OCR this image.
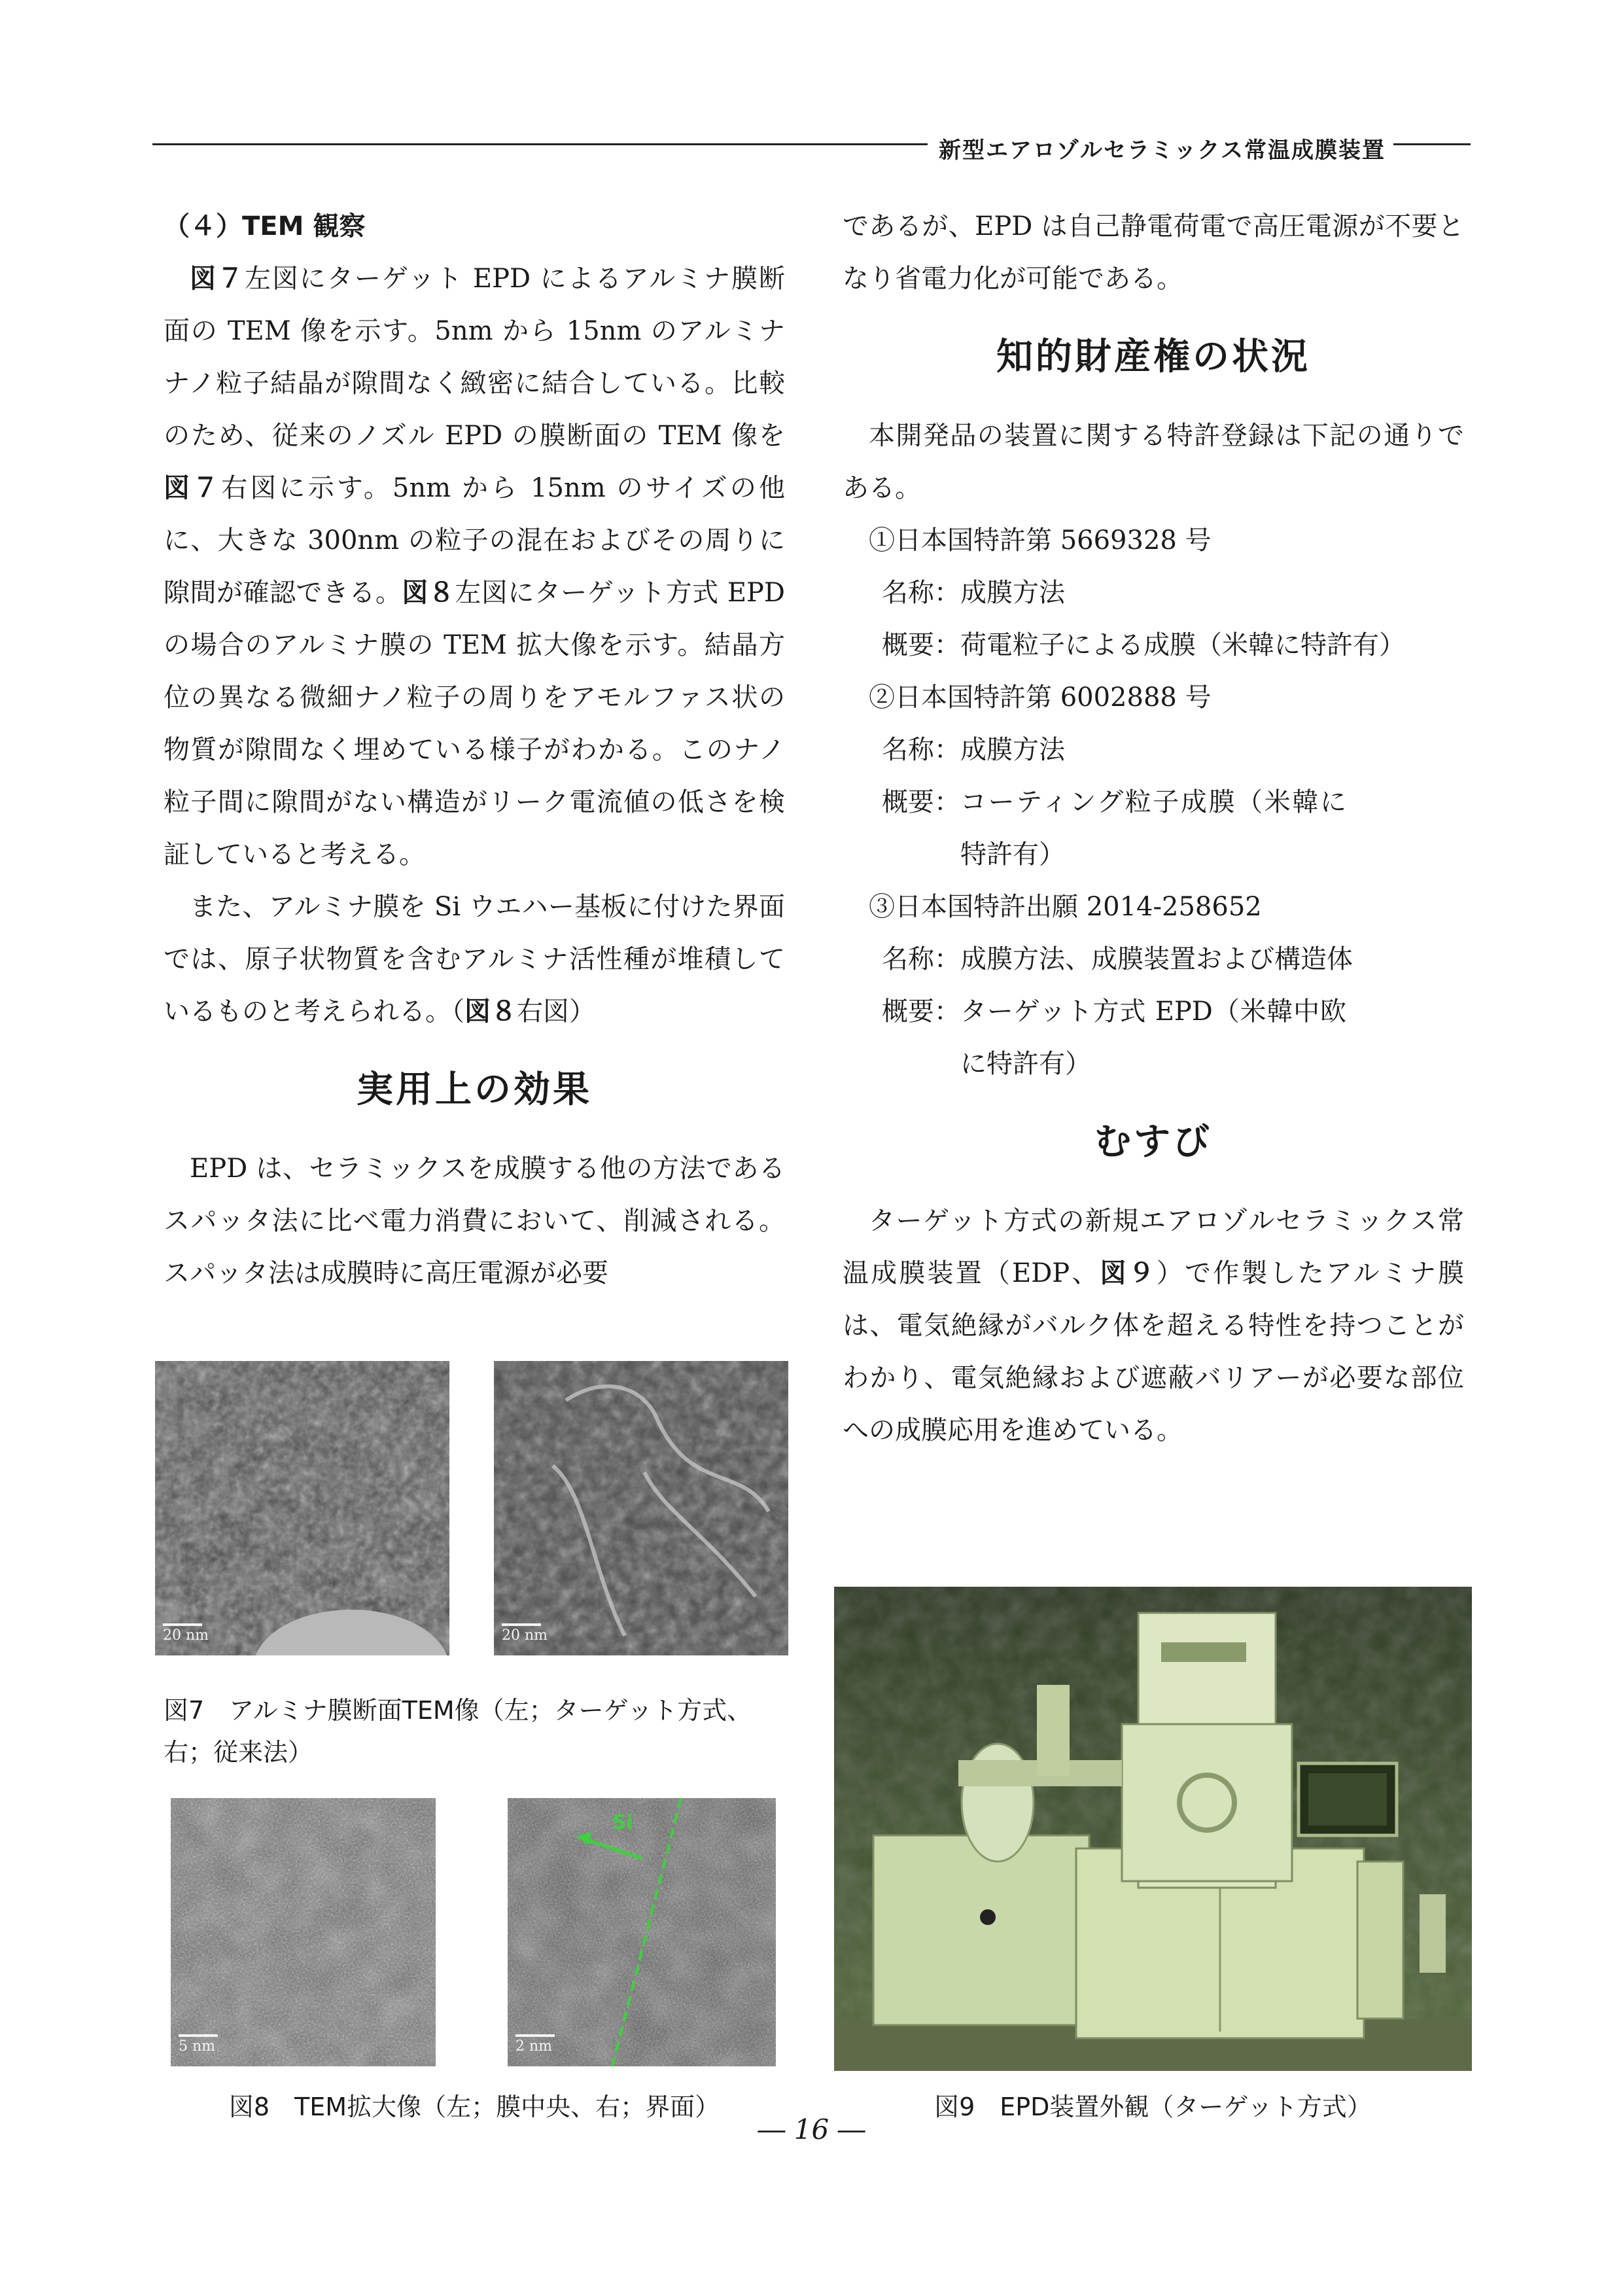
新型エアロゾルセラミックス常温成膜装置

（４）TEM 観察

図７左図にターゲット EPD によるアルミナ膜断面の TEM 像を示す。5nm から 15nm のアルミナナノ粒子結晶が隙間なく緻密に結合している。比較のため、従来のノズル EPD の膜断面の TEM 像を図７右図に示す。5nm から 15nm のサイズの他に、大きな 300nm の粒子の混在およびその周りに隙間が確認できる。図８左図にターゲット方式 EPD の場合のアルミナ膜の TEM 拡大像を示す。結晶方位の異なる微細ナノ粒子の周りをアモルファス状の物質が隙間なく埋めている様子がわかる。このナノ粒子間に隙間がない構造がリーク電流値の低さを検証していると考える。

また、アルミナ膜を Si ウエハー基板に付けた界面では、原子状物質を含むアルミナ活性種が堆積しているものと考えられる。（図８右図）

実用上の効果

EPD は、セラミックスを成膜する他の方法であるスパッタ法に比べ電力消費において、削減される。スパッタ法は成膜時に高圧電源が必要

であるが、EPD は自己静電荷電で高圧電源が不要となり省電力化が可能である。

知的財産権の状況

本開発品の装置に関する特許登録は下記の通りである。

①日本国特許第 5669328 号
名称 ： 成膜方法
概要 ： 荷電粒子による成膜（米韓に特許有）
②日本国特許第 6002888 号
名称 ： 成膜方法
概要 ： コーティング粒子成膜（米韓に特許有）
③日本国特許出願 2014-258652
名称 ： 成膜方法、成膜装置および構造体
概要 ： ターゲット方式 EPD（米韓中欧に特許有）

むすび

ターゲット方式の新規エアロゾルセラミックス常温成膜装置（EDP、図９）で作製したアルミナ膜は、電気絶縁がバルク体を超える特性を持つことがわかり、電気絶縁および遮蔽バリアーが必要な部位への成膜応用を進めている。

20 nm	20 nm
図7　アルミナ膜断面TEM像（左；ターゲット方式、右；従来法）
5 nm
Si
2 nm
図8　TEM拡大像（左；膜中央、右；界面）	図9　EPD装置外観（ターゲット方式）
― 16 ―
